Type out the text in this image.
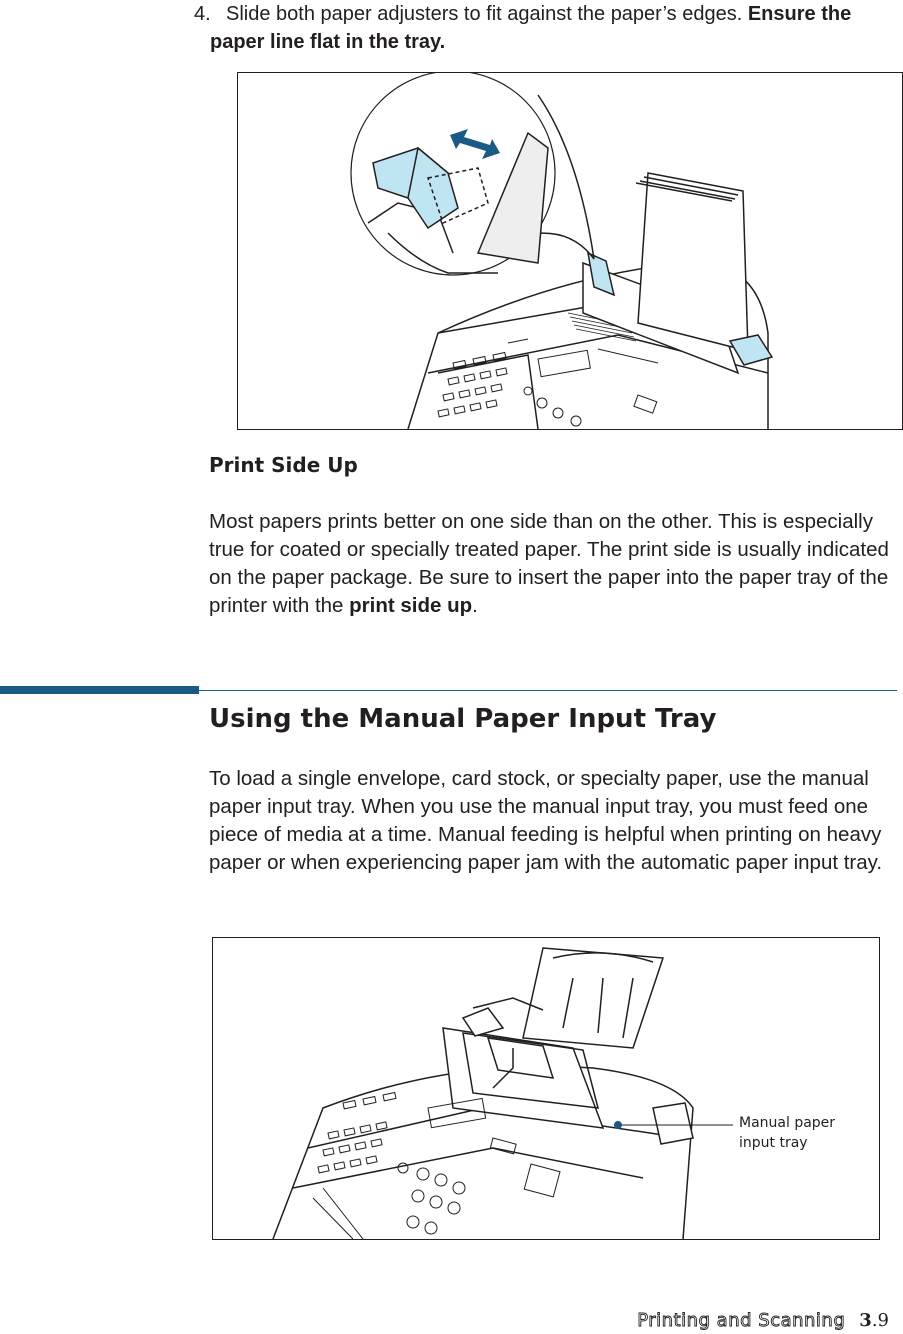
4. Slide both paper adjusters to fit against the paper’s edges. Ensure the paper line flat in the tray.
Print Side Up
Most papers prints better on one side than on the other. This is especially true for coated or specially treated paper. The print side is usually indicated on the paper package. Be sure to insert the paper into the paper tray of the printer with the print side up.
Using the Manual Paper Input Tray
To load a single envelope, card stock, or specialty paper, use the manual paper input tray. When you use the manual input tray, you must feed one piece of media at a time. Manual feeding is helpful when printing on heavy paper or when experiencing paper jam with the automatic paper input tray.
Manual paper
input tray
Printing and Scanning 3.9
